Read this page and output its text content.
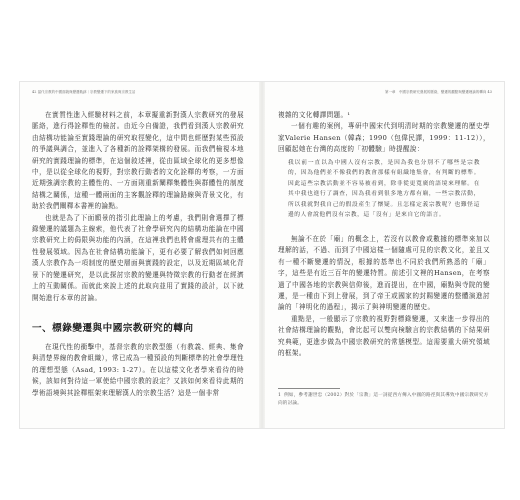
42 當代宗教的中國面貌與變遷軌跡｜宗教變遷下的家族與宗教生活

在實質性進入經驗材料之前，本章擬重新對漢人宗教研究的發展脈絡，進行得詮釋性的檢討。由近今自備證，我們看到漢人宗教研究由結構功能論至實踐理論的研究取徑變化，這中間也經歷對某些預設的爭議與調合，並進入了各種新的詮釋架構的發展。而我們檢視本地研究的實踐理論的標準，在這個敘述裡，從由區域全球化的更多想像中，是以從全球化的視野，對宗教行動者的文化詮釋的考察，一方面近期強調宗教的主體性的、一方面則重新闡釋集體性與群體性的制度結構之關係，這種一體兩面的主客觀詮釋的理論路線與背景文化，有助於我們闡釋本書裡的論點。

也就是為了下面願景的指引此理論上的考慮，我們則會選擇了標錄變遷的議題為主線索，他代表了社會學研究內的結構功能論在中國宗教研究上的侷限與功能的內涵，在這裡我們也將會處理共有的主體性發展領域。因為在社會結構功能論下，更有必要了解我們如何回應漢人宗教作為一項制度的歷史層面與實踐的設定，以及近期區域化背景下的變遷研究，是以此探討宗教的變遷與特徵宗教的行動者在經濟上的互動關係。而就此來說上述的此取向並用了實踐的設計，以下就開始進行本章的討論。

一、標錄變遷與中國宗教研究的轉向

在現代性的衝擊中，基督宗教的宗教型態（有教義、經典、集會與清楚界線的教會組織），常已成為一種預設的判斷標準的社會學理性的理想型態（Asad, 1993: 1-27）。在以這樣文化者學來看待的時候，該如何對待這一軍使給中國宗教的設定？又該如何來看待此期的學術語境與其詮釋框架來理解漢人的宗教生活？這是一個非常

第一章　中國宗教研究發展的脈絡，變遷的觀點與變遷理論的轉向 43

複雜的文化轉譯問題。¹

一個有趣的案例，專研中國宋代到明清时期的宗教變遷的歷史學家Valerie Hansen（韓森；1990（包偉民譯，1999：11-12）），回顧起她在台灣的高度的「初體驗」時提醒說：

我以前一直以為中國人沒有宗教，是因為我也分別不了哪些是宗教的，因為他們並不像我們的教會那樣有組織地集會，有判斷的標準。因此這些宗教活動並不容易被看到，除非從更寬廣的語境來理解。在其中我也進行了調查，因為我看到很多地方都有廟，一些宗教活動，所以我就對我自己的假設產生了懷疑。且怎樣定義宗教呢？也難怪這邊的人會說他們沒有宗教，這「沒有」是來自它的語言。

無論不在於「廟」的概念上，若沒有以教會或數據的標準來加以理解的話，不過、而到了中國這樣一個隨處可見的宗教文化，並且又有一種不斷變遷的情況，根據的基準也不同於我們所熟悉的「廟」字，這些是有近三百年的變遷特質。前述引文裡的Hansen，在考察過了中國各地的宗教與信仰後，進而提出，在中國，廟點與寺院的變遷，是一種由下到上發展，到了帝王或國家的封賜變遷的整體演進討論的「神明化的過程」，揭示了與神明變遷的歷史。

重點是，一般顯示了宗教的視野對標錄變遷，又來進一步得出的社會結構理論的觀點，會比起可以雙向検驗言的宗教結構的下結果研究典範，更進步做為中國宗教研究的常態模型。這需要重大研究領域的框架。

1 例如，參考謝世忠（2002）對於「宗教」這一詞從西方傳入中國的路徑與其導致中國宗教研究方向的討論。
